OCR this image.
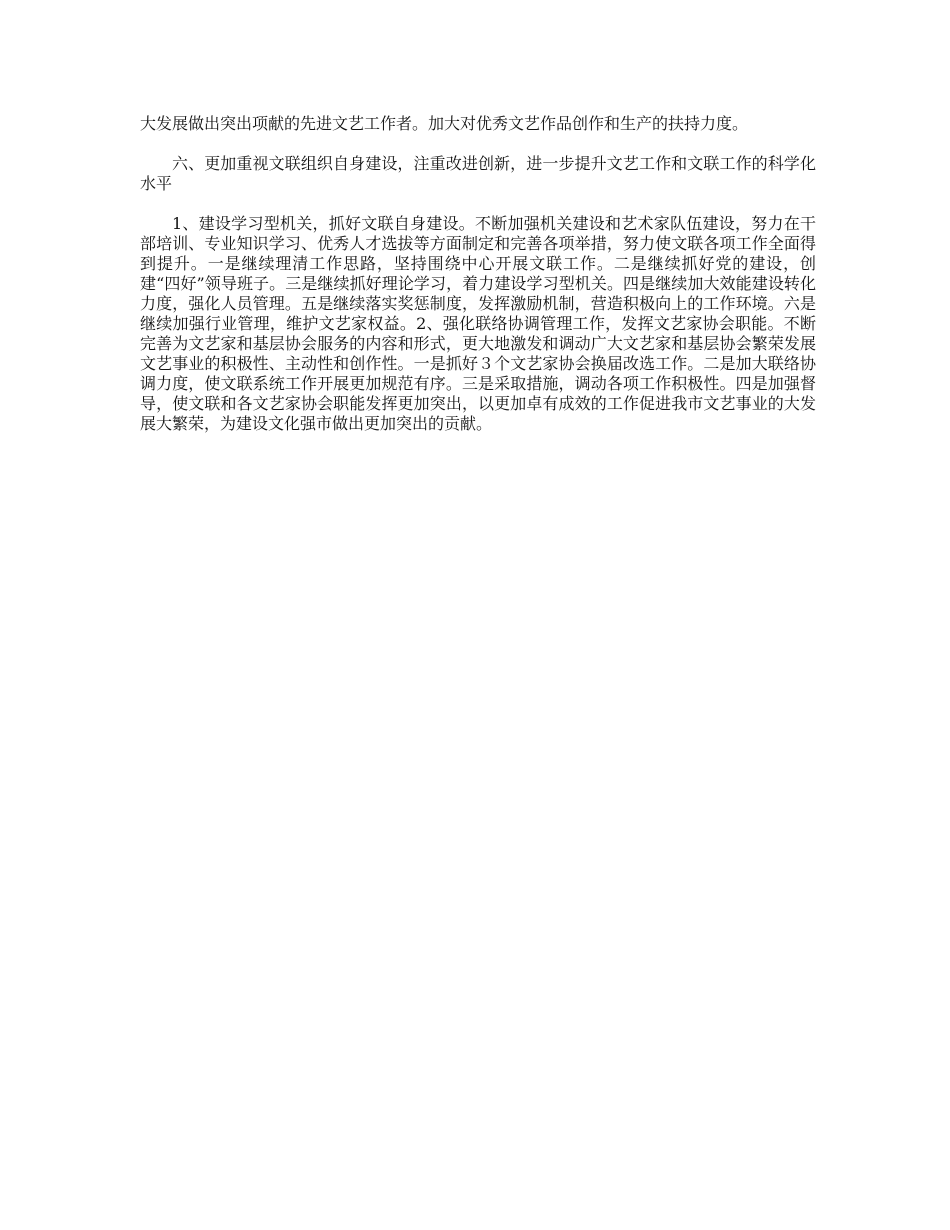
大发展做出突出项献的先进文艺工作者。加大对优秀文艺作品创作和生产的扶持力度。

六、更加重视文联组织自身建设，注重改进创新，进一步提升文艺工作和文联工作的科学化水平

1、建设学习型机关，抓好文联自身建设。不断加强机关建设和艺术家队伍建设，努力在干部培训、专业知识学习、优秀人才选拔等方面制定和完善各项举措，努力使文联各项工作全面得到提升。一是继续理清工作思路，坚持围绕中心开展文联工作。二是继续抓好党的建设，创建“四好”领导班子。三是继续抓好理论学习，着力建设学习型机关。四是继续加大效能建设转化力度，强化人员管理。五是继续落实奖惩制度，发挥激励机制，营造积极向上的工作环境。六是继续加强行业管理，维护文艺家权益。2、强化联络协调管理工作，发挥文艺家协会职能。不断完善为文艺家和基层协会服务的内容和形式，更大地激发和调动广大文艺家和基层协会繁荣发展文艺事业的积极性、主动性和创作性。一是抓好３个文艺家协会换届改选工作。二是加大联络协调力度，使文联系统工作开展更加规范有序。三是采取措施，调动各项工作积极性。四是加强督导，使文联和各文艺家协会职能发挥更加突出，以更加卓有成效的工作促进我市文艺事业的大发展大繁荣，为建设文化强市做出更加突出的贡献。
